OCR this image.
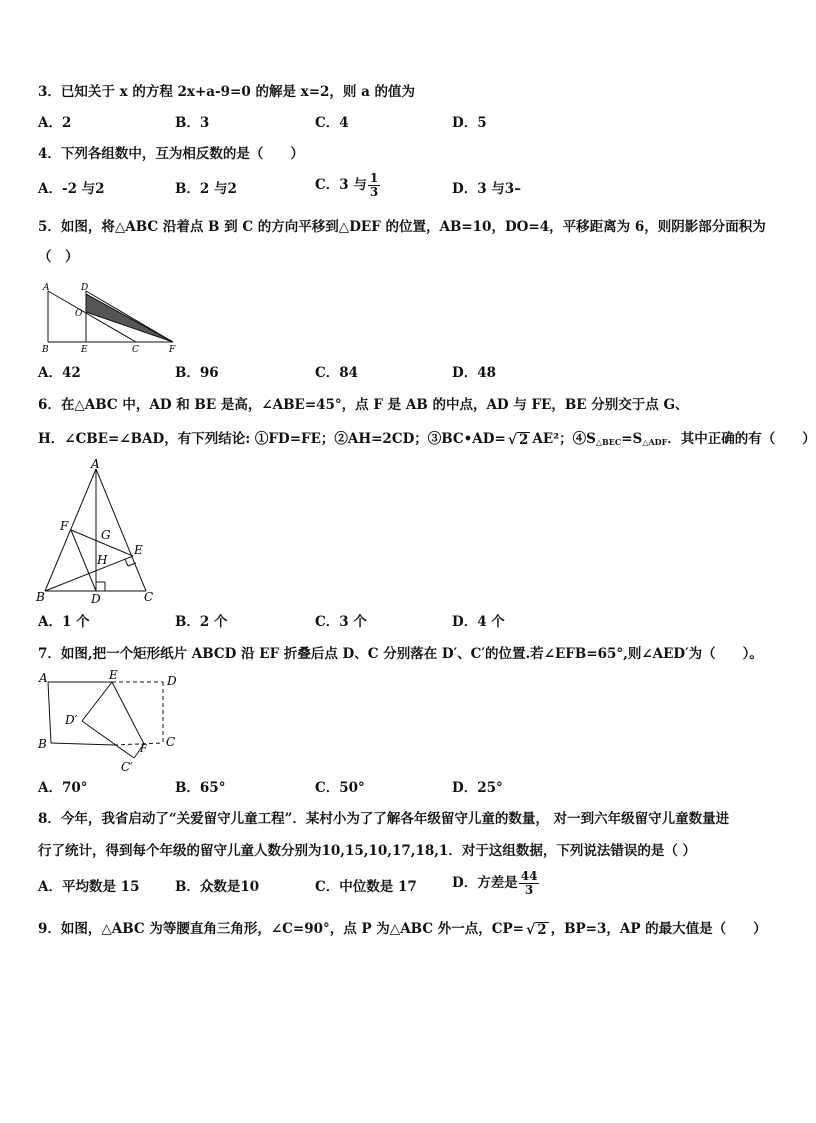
3．已知关于 x 的方程 2x+a-9=0 的解是 x=2，则 a 的值为
A．2	B．3	C．4	D．5
4．下列各组数中，互为相反数的是（　　）
A．-2 与2	B．2 与2	C．3 与 $\frac{1}{3}$	D．3 与3–
5．如图，将△ABC 沿着点 B 到 C 的方向平移到△DEF 的位置，AB=10，DO=4，平移距离为 6，则阴影部分面积为
（　）
A	D
O
B	E	C	F
A．42	B．96	C．84	D．48
6．在△ABC 中，AD 和 BE 是高，∠ABE=45°，点 F 是 AB 的中点，AD 与 FE，BE 分别交于点 G、
H．∠CBE=∠BAD，有下列结论: ①FD=FE；②AH=2CD；③BC•AD= √ 2 AE²；$④S_{\triangle BEC}=S_{\triangle ADF}$．其中正确的有（　　）
A
F
G
E
H
B	D	C
A．1 个	B．2 个	C．3 个	D．4 个
7．如图,把一个矩形纸片 ABCD 沿 EF 折叠后点 D、C 分别落在 D′、C′的位置.若∠EFB=65°,则∠AED′为（　　）。
A	E	D
D′
B	F
C
C′
A．70°	B．65°	C．50°	D．25°
8．今年，我省启动了“关爱留守儿童工程”．某村小为了了解各年级留守儿童的数量， 对一到六年级留守儿童数量进
行了统计，得到每个年级的留守儿童人数分别为10,15,10,17,18,1．对于这组数据，下列说法错误的是（ ）
A．平均数是 15	B．众数是10	C．中位数是 17	D．方差是 $\frac{44}{3}$
9．如图，△ABC 为等腰直角三角形，∠C=90°，点 P 为△ABC 外一点，CP= √ 2 ，BP=3，AP 的最大值是（　　）
